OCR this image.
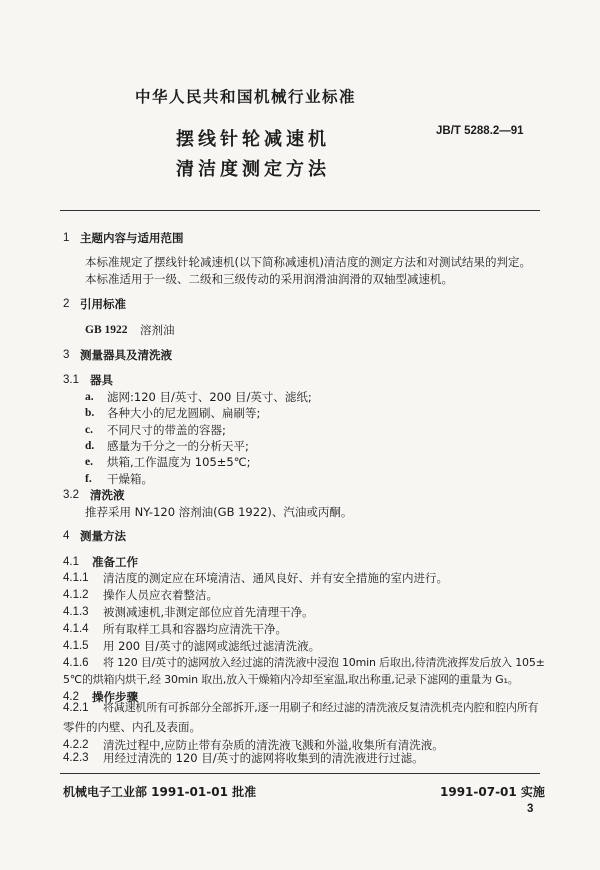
中华人民共和国机械行业标准
摆线针轮减速机
清洁度测定方法
JB/T 5288.2—91
1 主题内容与适用范围
本标准规定了摆线针轮减速机(以下简称减速机)清洁度的测定方法和对测试结果的判定。
本标准适用于一级、二级和三级传动的采用润滑油润滑的双轴型减速机。
2 引用标准
GB 1922 溶剂油
3 测量器具及清洗液
3.1 器具
a. 滤网:120 目/英寸、200 目/英寸、滤纸;
b. 各种大小的尼龙圆刷、扁刷等;
c. 不同尺寸的带盖的容器;
d. 感量为千分之一的分析天平;
e. 烘箱,工作温度为 105±5℃;
f. 干燥箱。
3.2 清洗液
推荐采用 NY-120 溶剂油(GB 1922)、汽油或丙酮。
4 测量方法
4.1 准备工作
4.1.1 清洁度的测定应在环境清洁、通风良好、并有安全措施的室内进行。
4.1.2 操作人员应衣着整洁。
4.1.3 被测减速机,非测定部位应首先清理干净。
4.1.4 所有取样工具和容器均应清洗干净。
4.1.5 用 200 目/英寸的滤网或滤纸过滤清洗液。
4.1.6 将 120 目/英寸的滤网放入经过滤的清洗液中浸泡 10min 后取出,待清洗液挥发后放入 105±
5℃的烘箱内烘干,经 30min 取出,放入干燥箱内冷却至室温,取出称重,记录下滤网的重量为 G₁。
4.2 操作步骤
4.2.1 将减速机所有可拆部分全部拆开,逐一用刷子和经过滤的清洗液反复清洗机壳内腔和腔内所有
零件的内壁、内孔及表面。
4.2.2 清洗过程中,应防止带有杂质的清洗液飞溅和外溢,收集所有清洗液。
4.2.3 用经过清洗的 120 目/英寸的滤网将收集到的清洗液进行过滤。
机械电子工业部 1991-01-01 批准	1991-07-01 实施
3
